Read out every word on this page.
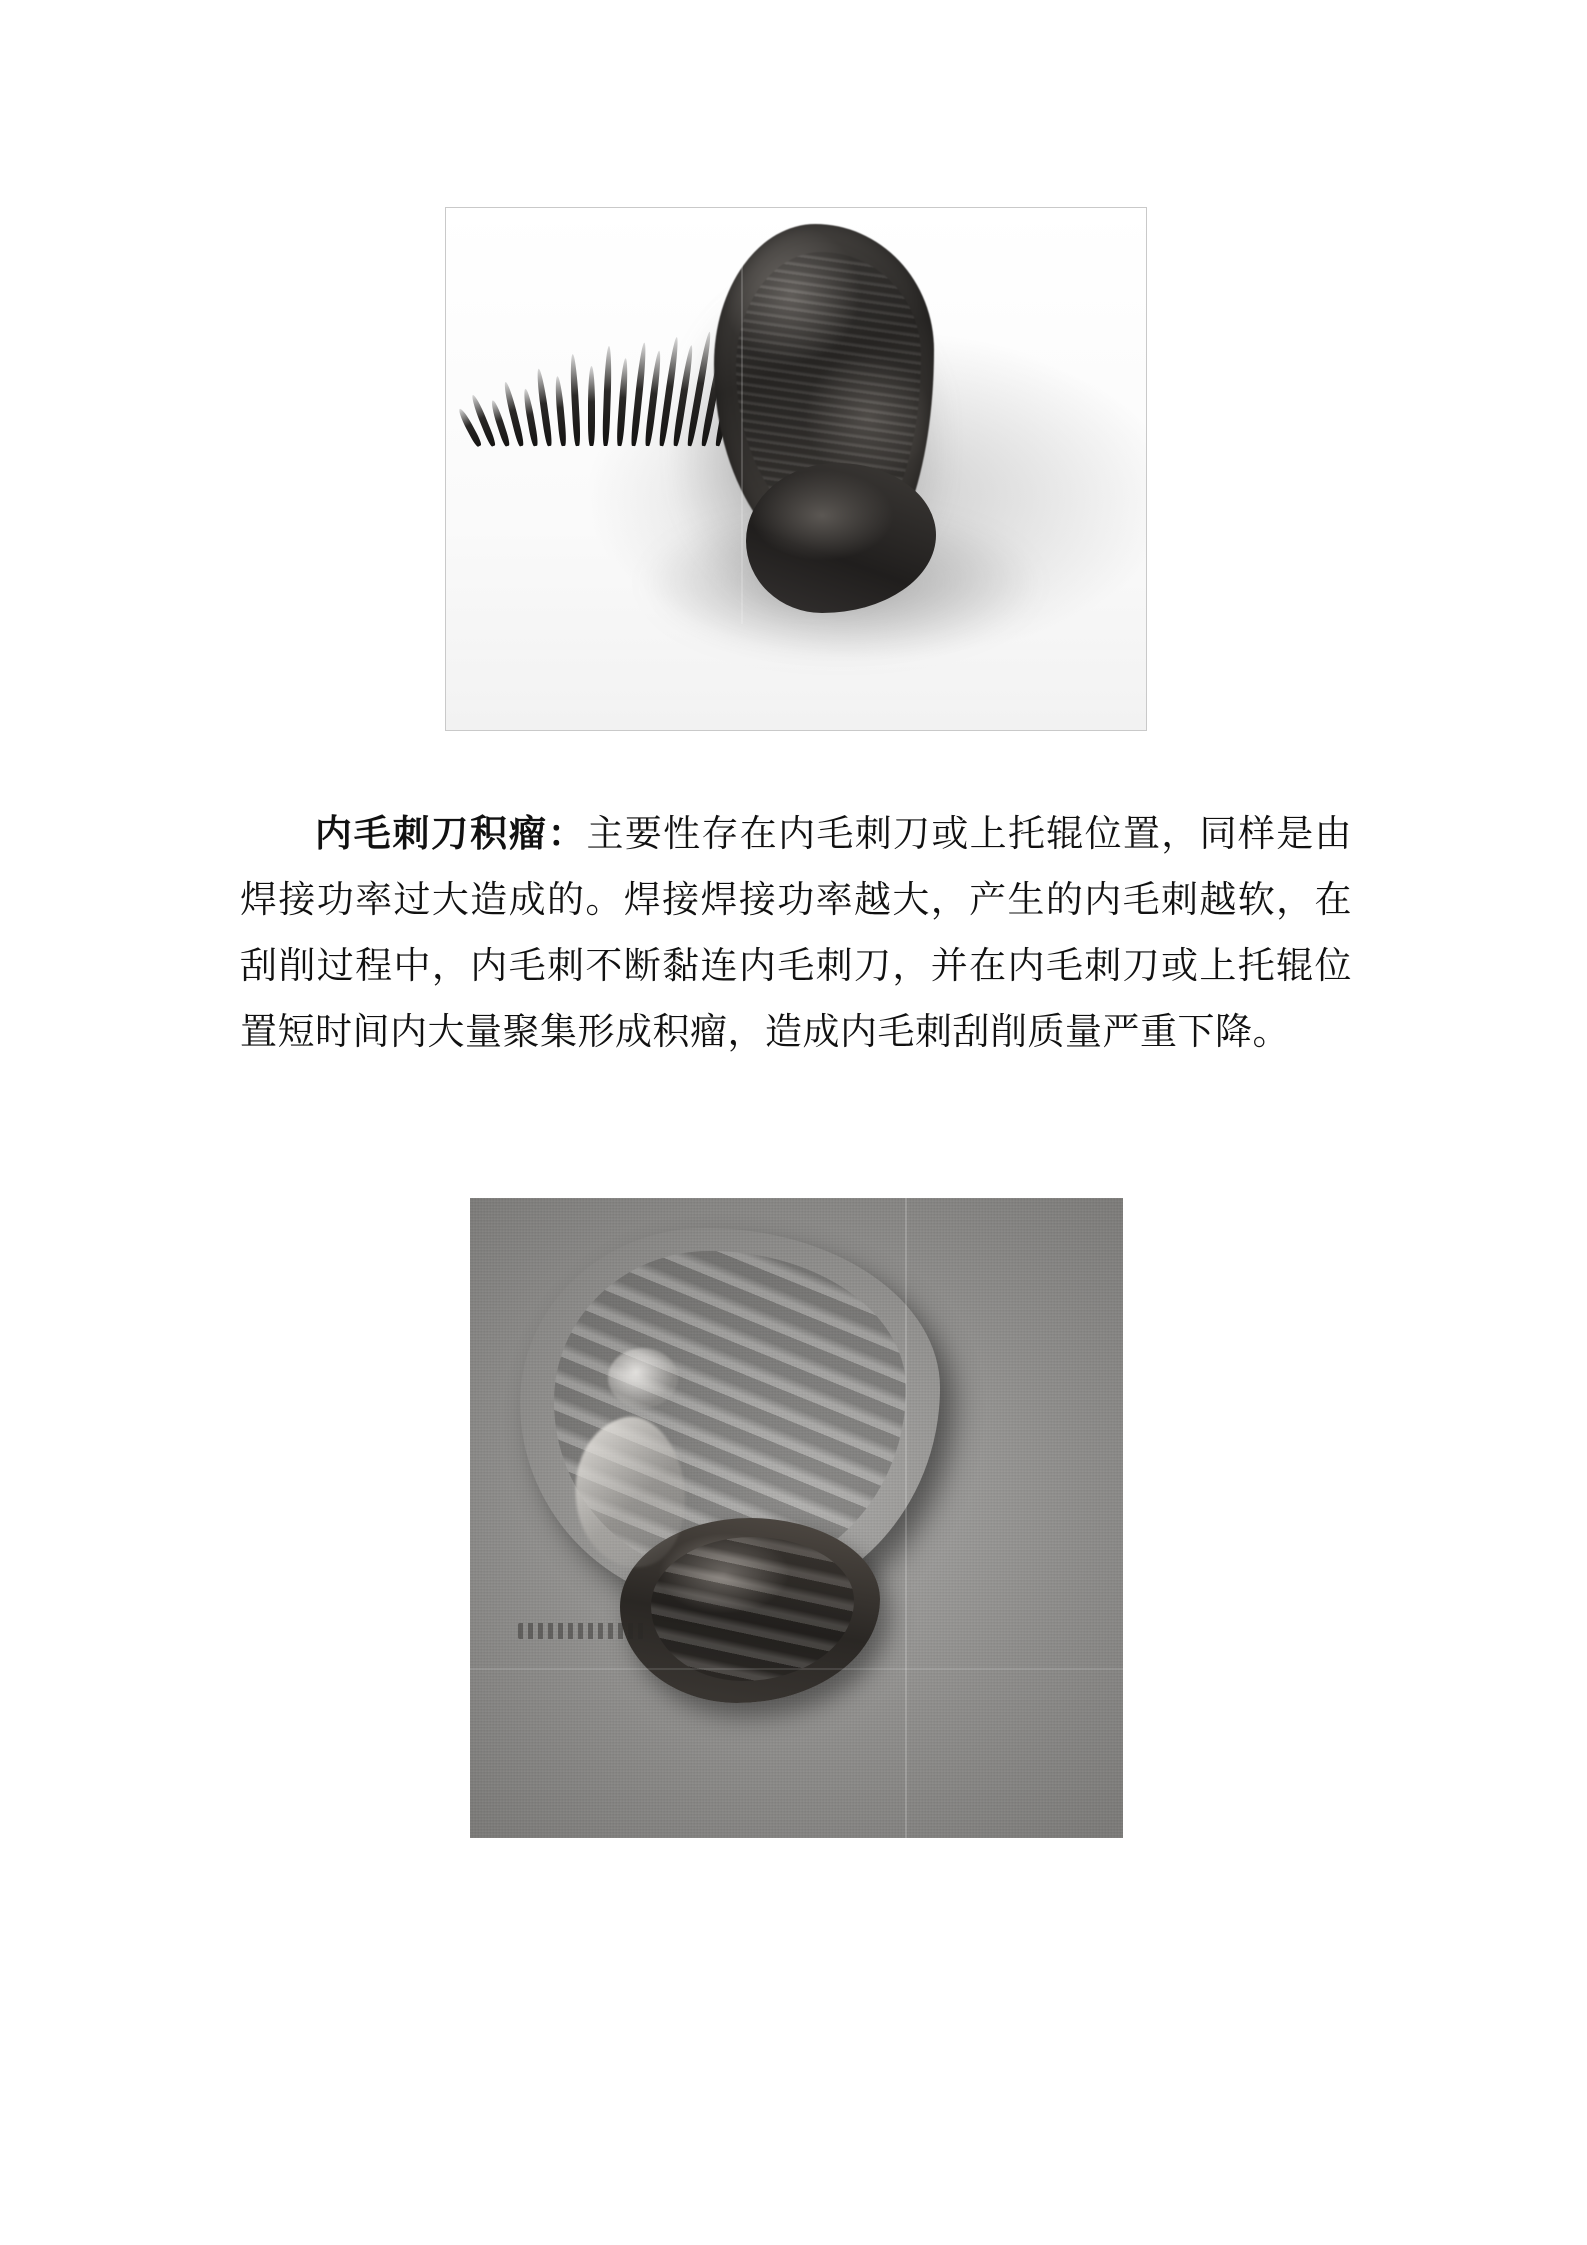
内毛刺刀积瘤：主要性存在内毛刺刀或上托辊位置，同样是由焊接功率过大造成的。焊接焊接功率越大，产生的内毛刺越软，在刮削过程中，内毛刺不断黏连内毛刺刀，并在内毛刺刀或上托辊位置短时间内大量聚集形成积瘤，造成内毛刺刮削质量严重下降。
